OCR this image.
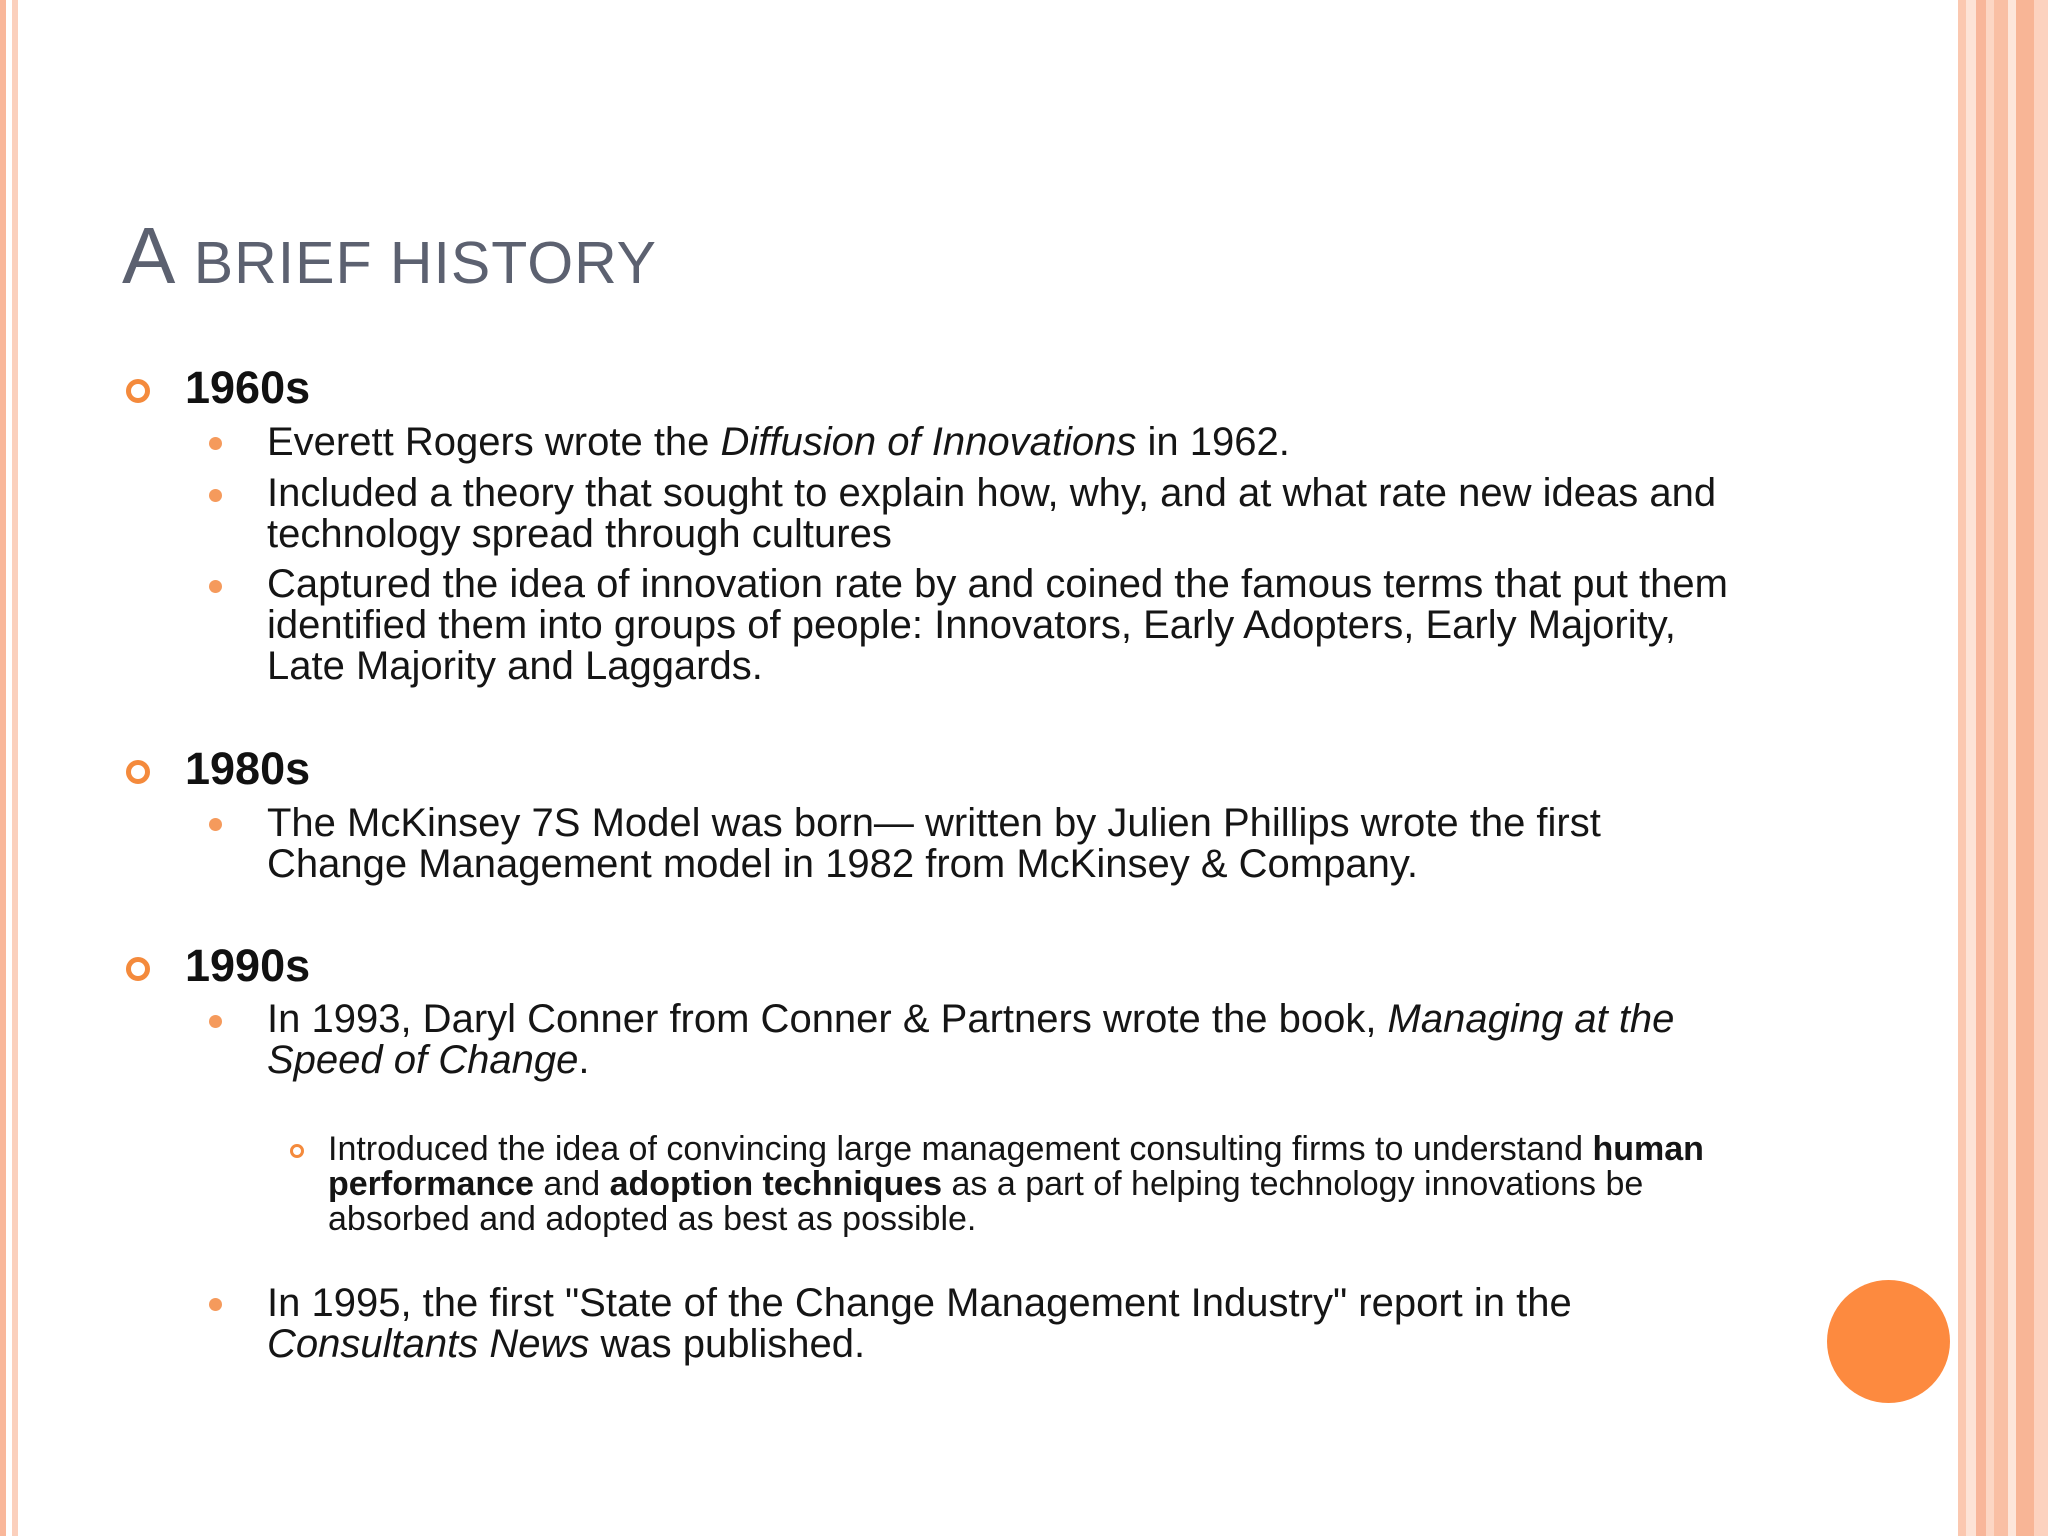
A BRIEF HISTORY
1960s
Everett Rogers wrote the Diffusion of Innovations in 1962.
Included a theory that sought to explain how, why, and at what rate new ideas and technology spread through cultures
Captured the idea of innovation rate by and coined the famous terms that put them identified them into groups of people: Innovators, Early Adopters, Early Majority, Late Majority and Laggards.
1980s
The McKinsey 7S Model was born— written by Julien Phillips wrote the first Change Management model in 1982 from McKinsey & Company.
1990s
In 1993, Daryl Conner from Conner & Partners wrote the book, Managing at the Speed of Change.
Introduced the idea of convincing large management consulting firms to understand human performance and adoption techniques as a part of helping technology innovations be absorbed and adopted as best as possible.
In 1995, the first "State of the Change Management Industry" report in the Consultants News was published.
